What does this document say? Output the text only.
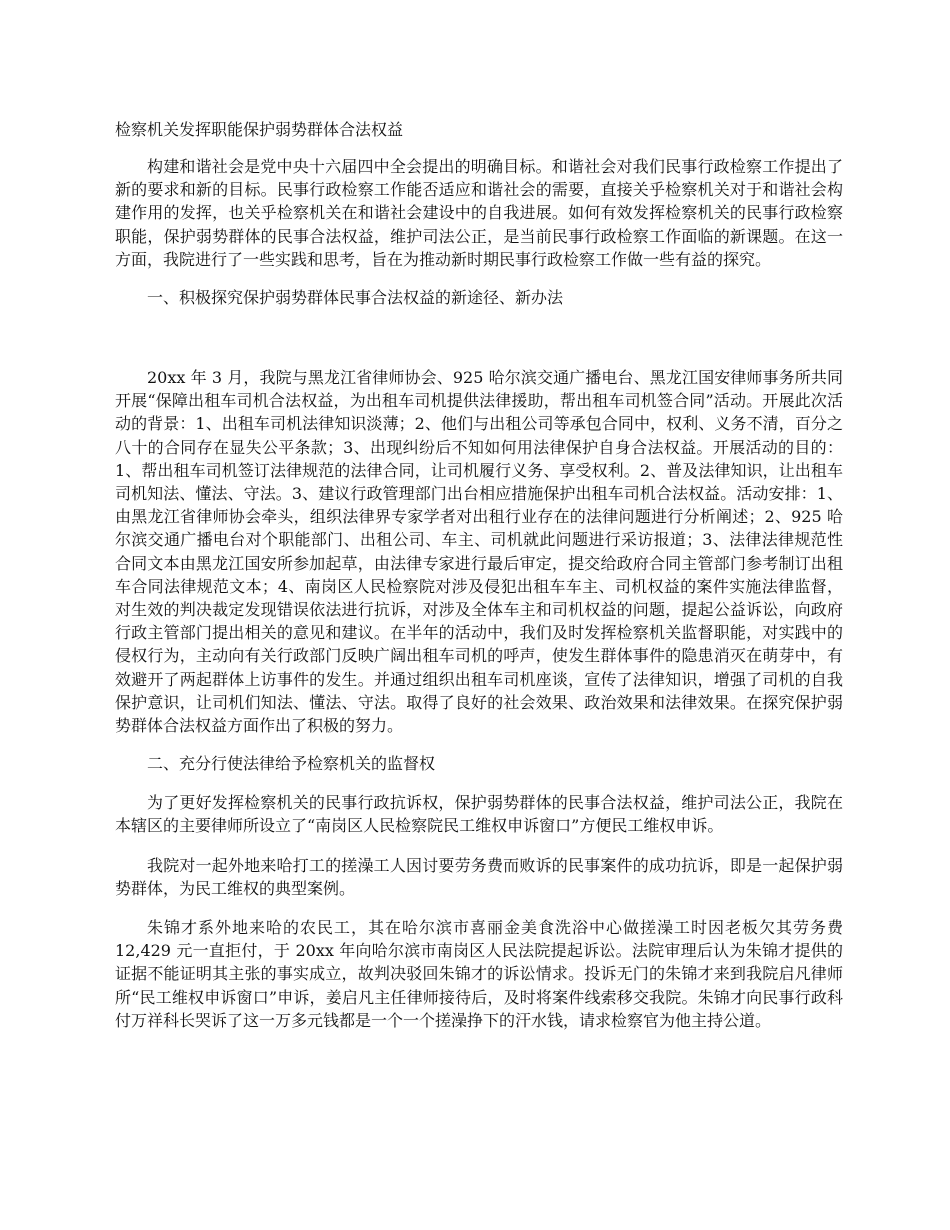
检察机关发挥职能保护弱势群体合法权益

构建和谐社会是党中央十六届四中全会提出的明确目标。和谐社会对我们民事行政检察工作提出了新的要求和新的目标。民事行政检察工作能否适应和谐社会的需要，直接关乎检察机关对于和谐社会构建作用的发挥，也关乎检察机关在和谐社会建设中的自我进展。如何有效发挥检察机关的民事行政检察职能，保护弱势群体的民事合法权益，维护司法公正，是当前民事行政检察工作面临的新课题。在这一方面，我院进行了一些实践和思考，旨在为推动新时期民事行政检察工作做一些有益的探究。

一、积极探究保护弱势群体民事合法权益的新途径、新办法

20xx 年 3 月，我院与黑龙江省律师协会、925 哈尔滨交通广播电台、黑龙江国安律师事务所共同开展“保障出租车司机合法权益，为出租车司机提供法律援助，帮出租车司机签合同”活动。开展此次活动的背景：1、出租车司机法律知识淡薄；2、他们与出租公司等承包合同中，权利、义务不清，百分之八十的合同存在显失公平条款；3、出现纠纷后不知如何用法律保护自身合法权益。开展活动的目的：1、帮出租车司机签订法律规范的法律合同，让司机履行义务、享受权利。2、普及法律知识，让出租车司机知法、懂法、守法。3、建议行政管理部门出台相应措施保护出租车司机合法权益。活动安排：1、由黑龙江省律师协会牵头，组织法律界专家学者对出租行业存在的法律问题进行分析阐述；2、925 哈尔滨交通广播电台对个职能部门、出租公司、车主、司机就此问题进行采访报道；3、法律法律规范性合同文本由黑龙江国安所参加起草，由法律专家进行最后审定，提交给政府合同主管部门参考制订出租车合同法律规范文本；4、南岗区人民检察院对涉及侵犯出租车车主、司机权益的案件实施法律监督，对生效的判决裁定发现错误依法进行抗诉，对涉及全体车主和司机权益的问题，提起公益诉讼，向政府行政主管部门提出相关的意见和建议。在半年的活动中，我们及时发挥检察机关监督职能，对实践中的侵权行为，主动向有关行政部门反映广阔出租车司机的呼声，使发生群体事件的隐患消灭在萌芽中，有效避开了两起群体上访事件的发生。并通过组织出租车司机座谈，宣传了法律知识，增强了司机的自我保护意识，让司机们知法、懂法、守法。取得了良好的社会效果、政治效果和法律效果。在探究保护弱势群体合法权益方面作出了积极的努力。

二、充分行使法律给予检察机关的监督权

为了更好发挥检察机关的民事行政抗诉权，保护弱势群体的民事合法权益，维护司法公正，我院在本辖区的主要律师所设立了“南岗区人民检察院民工维权申诉窗口”方便民工维权申诉。

我院对一起外地来哈打工的搓澡工人因讨要劳务费而败诉的民事案件的成功抗诉，即是一起保护弱势群体，为民工维权的典型案例。

朱锦才系外地来哈的农民工，其在哈尔滨市喜丽金美食洗浴中心做搓澡工时因老板欠其劳务费 12,429 元一直拒付，于 20xx 年向哈尔滨市南岗区人民法院提起诉讼。法院审理后认为朱锦才提供的证据不能证明其主张的事实成立，故判决驳回朱锦才的诉讼情求。投诉无门的朱锦才来到我院启凡律师所“民工维权申诉窗口”申诉，姜启凡主任律师接待后，及时将案件线索移交我院。朱锦才向民事行政科付万祥科长哭诉了这一万多元钱都是一个一个搓澡挣下的汗水钱，请求检察官为他主持公道。
